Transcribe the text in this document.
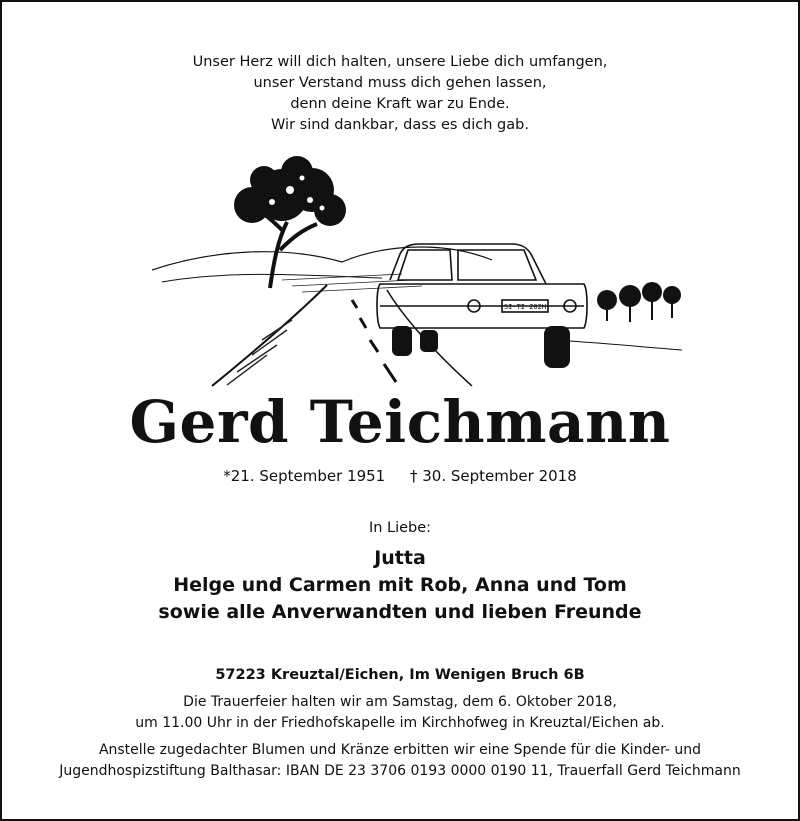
Unser Herz will dich halten, unsere Liebe dich umfangen,
unser Verstand muss dich gehen lassen,
denn deine Kraft war zu Ende.
Wir sind dankbar, dass es dich gab.
SI·TI 202H
Gerd Teichmann
*21. September 1951 † 30. September 2018
In Liebe:
Jutta
Helge und Carmen mit Rob, Anna und Tom
sowie alle Anverwandten und lieben Freunde
57223 Kreuztal/Eichen, Im Wenigen Bruch 6B
Die Trauerfeier halten wir am Samstag, dem 6. Oktober 2018,
um 11.00 Uhr in der Friedhofskapelle im Kirchhofweg in Kreuztal/Eichen ab.
Anstelle zugedachter Blumen und Kränze erbitten wir eine Spende für die Kinder- und
Jugendhospizstiftung Balthasar: IBAN DE 23 3706 0193 0000 0190 11, Trauerfall Gerd Teichmann
